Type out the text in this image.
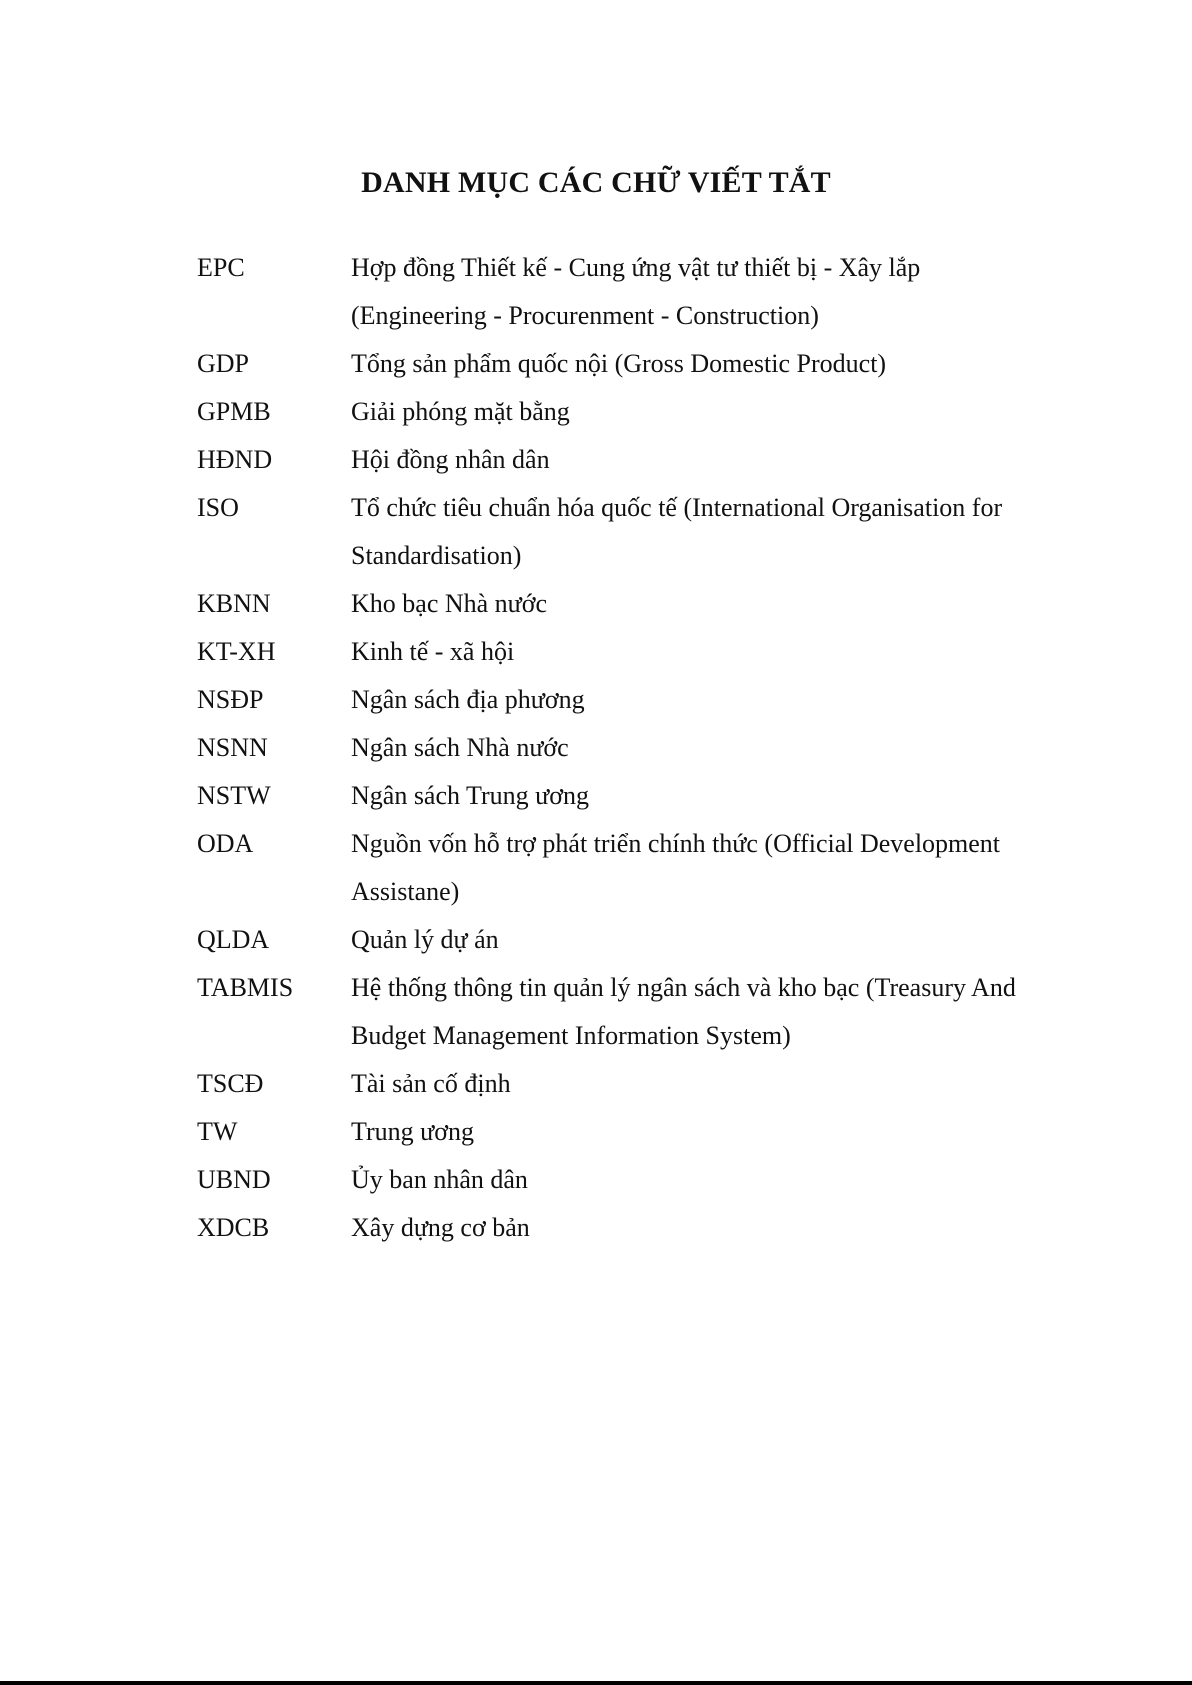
DANH MỤC CÁC CHỮ VIẾT TẮT
EPC	Hợp đồng Thiết kế - Cung ứng vật tư thiết bị - Xây lắp
(Engineering - Procurenment - Construction)
GDP	Tổng sản phẩm quốc nội (Gross Domestic Product)
GPMB	Giải phóng mặt bằng
HĐND	Hội đồng nhân dân
ISO	Tổ chức tiêu chuẩn hóa quốc tế (International Organisation for
Standardisation)
KBNN	Kho bạc Nhà nước
KT-XH	Kinh tế - xã hội
NSĐP	Ngân sách địa phương
NSNN	Ngân sách Nhà nước
NSTW	Ngân sách Trung ương
ODA	Nguồn vốn hỗ trợ phát triển chính thức (Official Development
Assistane)
QLDA	Quản lý dự án
TABMIS	Hệ thống thông tin quản lý ngân sách và kho bạc (Treasury And
Budget Management Information System)
TSCĐ	Tài sản cố định
TW	Trung ương
UBND	Ủy ban nhân dân
XDCB	Xây dựng cơ bản
